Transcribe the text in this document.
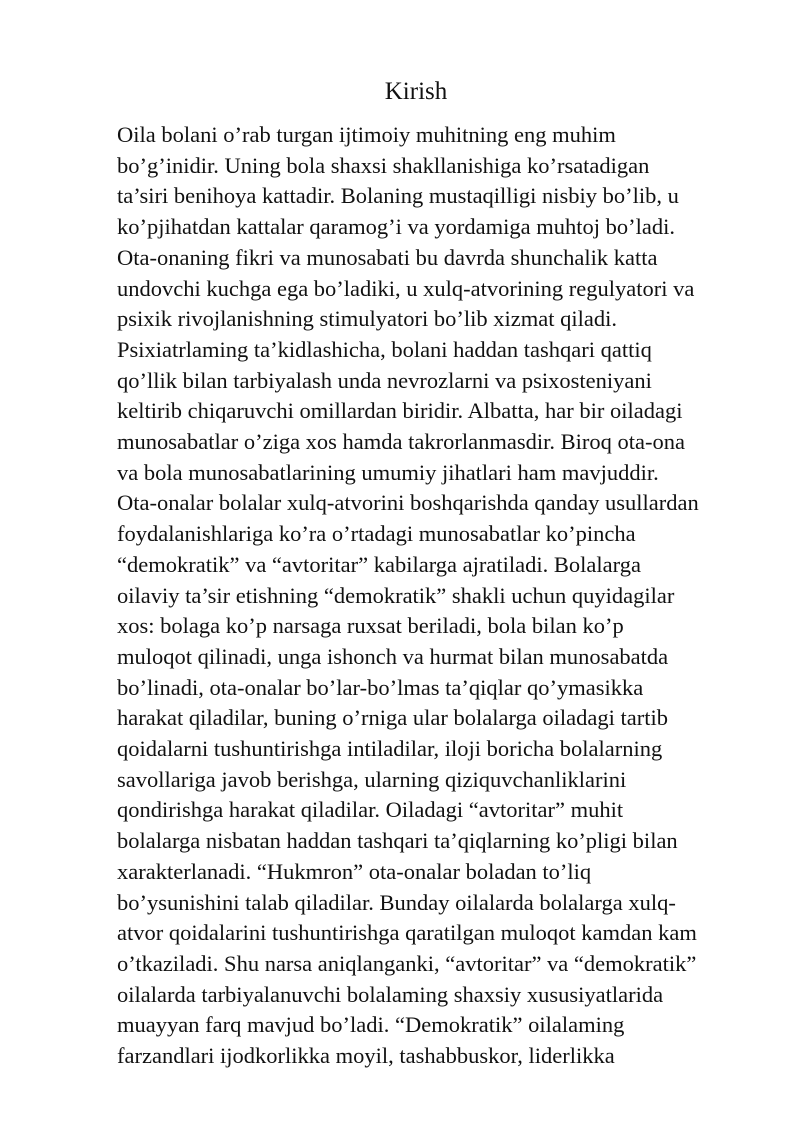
Kirish
Oila bolani o’rab turgan ijtimoiy muhitning eng muhim
bo’g’inidir. Uning bola shaxsi shakllanishiga ko’rsatadigan
ta’siri benihoya kattadir. Bolaning mustaqilligi nisbiy bo’lib, u
ko’pjihatdan kattalar qaramog’i va yordamiga muhtoj bo’ladi.
Ota-onaning fikri va munosabati bu davrda shunchalik katta
undovchi kuchga ega bo’ladiki, u xulq-atvorining regulyatori va
psixik rivojlanishning stimulyatori bo’lib xizmat qiladi.
Psixiatrlaming ta’kidlashicha, bolani haddan tashqari qattiq
qo’llik bilan tarbiyalash unda nevrozlarni va psixosteniyani
keltirib chiqaruvchi omillardan biridir. Albatta, har bir oiladagi
munosabatlar o’ziga xos hamda takrorlanmasdir. Biroq ota-ona
va bola munosabatlarining umumiy jihatlari ham mavjuddir.
Ota-onalar bolalar xulq-atvorini boshqarishda qanday usullardan
foydalanishlariga ko’ra o’rtadagi munosabatlar ko’pincha
“demokratik” va “avtoritar” kabilarga ajratiladi. Bolalarga
oilaviy ta’sir etishning “demokratik” shakli uchun quyidagilar
xos: bolaga ko’p narsaga ruxsat beriladi, bola bilan ko’p
muloqot qilinadi, unga ishonch va hurmat bilan munosabatda
bo’linadi, ota-onalar bo’lar-bo’lmas ta’qiqlar qo’ymasikka
harakat qiladilar, buning o’rniga ular bolalarga oiladagi tartib
qoidalarni tushuntirishga intiladilar, iloji boricha bolalarning
savollariga javob berishga, ularning qiziquvchanliklarini
qondirishga harakat qiladilar. Oiladagi “avtoritar” muhit
bolalarga nisbatan haddan tashqari ta’qiqlarning ko’pligi bilan
xarakterlanadi. “Hukmron” ota-onalar boladan to’liq
bo’ysunishini talab qiladilar. Bunday oilalarda bolalarga xulq-
atvor qoidalarini tushuntirishga qaratilgan muloqot kamdan kam
o’tkaziladi. Shu narsa aniqlanganki, “avtoritar” va “demokratik”
oilalarda tarbiyalanuvchi bolalaming shaxsiy xususiyatlarida
muayyan farq mavjud bo’ladi. “Demokratik” oilalaming
farzandlari ijodkorlikka moyil, tashabbuskor, liderlikka
